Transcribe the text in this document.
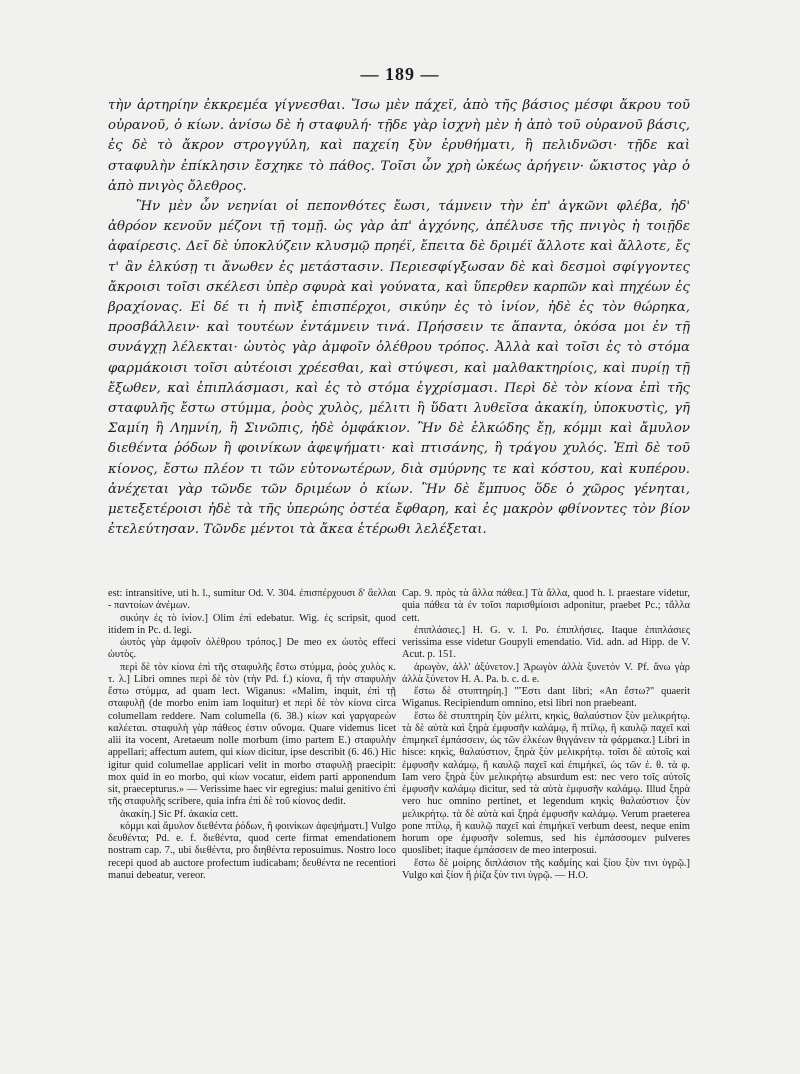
— 189 —

τὴν ἀρτηρίην ἐκκρεμέα γίγνεσθαι. Ἴσω μὲν πάχεϊ, ἀπὸ τῆς βάσιος μέσφι ἄκρου τοῦ οὐρανοῦ, ὁ κίων. ἀνίσω δὲ ἡ σταφυλή· τῇδε γὰρ ἰσχνὴ μὲν ἡ ἀπὸ τοῦ οὐρανοῦ βάσις, ἐς δὲ τὸ ἄκρον στρογγύλη, καὶ παχείη ξὺν ἐρυθήματι, ἢ πελιδνῶσι· τῇδε καὶ σταφυλὴν ἐπίκλησιν ἔσχηκε τὸ πάθος. Τοῖσι ὧν χρὴ ὠκέως ἀρήγειν· ὤκιστος γὰρ ὁ ἀπὸ πνιγὸς ὄλεθρος.

Ἢν μὲν ὧν νεηνίαι οἱ πεπονθότες ἔωσι, τάμνειν τὴν ἐπ' ἀγκῶνι φλέβα, ἠδ' ἀθρόον κενοῦν μέζονι τῇ τομῇ. ὡς γὰρ ἀπ' ἀγχόνης, ἀπέλυσε τῆς πνιγὸς ἡ τοιῇδε ἀφαίρεσις. Δεῖ δὲ ὑποκλύζειν κλυσμῷ πρηέϊ, ἔπειτα δὲ δριμέϊ ἄλλοτε καὶ ἄλλοτε, ἔς τ' ἂν ἑλκύσῃ τι ἄνωθεν ἐς μετάστασιν. Περιεσφίγξωσαν δὲ καὶ δεσμοὶ σφίγγοντες ἄκροισι τοῖσι σκέλεσι ὑπὲρ σφυρὰ καὶ γούνατα, καὶ ὕπερθεν καρπῶν καὶ πηχέων ἐς βραχίονας. Εἰ δέ τι ἡ πνὶξ ἐπισπέρχοι, σικύην ἐς τὸ ἰνίον, ἠδὲ ἐς τὸν θώρηκα, προσβάλλειν· καὶ τουτέων ἐντάμνειν τινά. Πρήσσειν τε ἅπαντα, ὁκόσα μοι ἐν τῇ συνάγχῃ λέλεκται· ὠυτὸς γὰρ ἀμφοῖν ὀλέθρου τρόπος. Ἀλλὰ καὶ τοῖσι ἐς τὸ στόμα φαρμάκοισι τοῖσι αὐτέοισι χρέεσθαι, καὶ στύψεσι, καὶ μαλθακτηρίοις, καὶ πυρίῃ τῇ ἔξωθεν, καὶ ἐπιπλάσμασι, καὶ ἐς τὸ στόμα ἐγχρίσμασι. Περὶ δὲ τὸν κίονα ἐπὶ τῆς σταφυλῆς ἔστω στύμμα, ῥοὸς χυλὸς, μέλιτι ἢ ὕδατι λυθεῖσα ἀκακίη, ὑποκυστὶς, γῆ Σαμίη ἢ Λημνίη, ἢ Σινῶπις, ἠδὲ ὀμφάκιον. Ἢν δὲ ἑλκώδης ἔῃ, κόμμι καὶ ἄμυλον διεθέντα ῥόδων ἢ φοινίκων ἀφεψήματι· καὶ πτισάνης, ἢ τράγου χυλός. Ἐπὶ δὲ τοῦ κίονος, ἔστω πλέον τι τῶν εὐτονωτέρων, διὰ σμύρνης τε καὶ κόστου, καὶ κυπέρου. ἀνέχεται γὰρ τῶνδε τῶν δριμέων ὁ κίων. Ἢν δὲ ἔμπυος ὅδε ὁ χῶρος γένηται, μετεξετέροισι ἠδὲ τὰ τῆς ὑπερώης ὀστέα ἔφθαρη, καὶ ἐς μακρὸν φθίνοντες τὸν βίον ἐτελεύτησαν. Τῶνδε μέντοι τὰ ἄκεα ἑτέρωθι λελέξεται.

est: intransitive, uti h. l., sumitur Od. V. 304. ἐπισπέρχουσι δ' ἄελλαι - παντοίων ἀνέμων.

σικύην ἐς τὸ ἰνίον.] Olim ἐπὶ edebatur. Wig. ἐς scripsit, quod itidem in Pc. d. legi.

ὠυτὸς γὰρ ἀμφοῖν ὀλέθρου τρόπος.] De meo ex ὡυτὸς effeci ὠυτὸς.

περὶ δὲ τὸν κίονα ἐπὶ τῆς σταφυλῆς ἔστω στύμμα, ῥοὸς χυλὸς κ. τ. λ.] Libri omnes περὶ δὲ τὸν (τὴν Pd. f.) κίονα, ἢ τὴν σταφυλὴν ἔστω στύμμα, ad quam lect. Wiganus: «Malim, inquit, ἐπὶ τῇ σταφυλῇ (de morbo enim iam loquitur) et περὶ δὲ τὸν κίονα circa columellam reddere. Nam columella (6. 38.) κίων καὶ γαργαρεὼν καλέεται. σταφυλὴ γὰρ πάθεος ἐστιν οὔνομα. Quare videmus licet alii ita vocent, Aretaeum nolle morbum (imo partem E.) σταφυλὴν appellari; affectum autem, qui κίων dicitur, ipse describit (6. 46.) Hic igitur quid columellae applicari velit in morbo σταφυλῇ praecipit: mox quid in eo morbo, qui κίων vocatur, eidem parti apponendum sit, praecepturus.» — Verissime haec vir egregius: malui genitivo ἐπὶ τῆς σταφυλῆς scribere, quia infra ἐπὶ δὲ τοῦ κίονος dedit.

ἀκακίη.] Sic Pf. ἀκακία cett.

κόμμι καὶ ἄμυλον διεθέντα ῥόδων, ἢ φοινίκων ἀφεψήματι.] Vulgo δευθέντα; Pd. e. f. διεθέντα, quod certe firmat emendationem nostram cap. 7., ubi διεθέντα, pro διηθέντα reposuimus. Nostro loco recepi quod ab auctore profectum iudicabam; δευθέντα ne recentiori manui debeatur, vereor.

Cap. 9. πρὸς τὰ ἄλλα πάθεα.] Τὰ ἄλλα, quod h. l. praestare videtur, quia πάθεα τὰ ἐν τοῖσι παρισθμίοισι adponitur, praebet Pc.; τἄλλα cett.

ἐπιπλάσιες.] H. G. v. l. Po. ἐπιπλήσιες. Itaque ἐπιπλάσιες verissima esse videtur Goupyli emendatio. Vid. adn. ad Hipp. de V. Acut. p. 151.

ἀρωγὸν, ἀλλ' ἀξύνετον.] Ἀρωγὸν ἀλλὰ ξυνετόν V. Pf. ἄνω γὰρ ἀλλὰ ξύνετον H. A. Pa. b. c. d. e.

ἔστω δὲ στυπτηρίη.] "Ἔστι dant libri; «An ἔστω?" quaerit Wiganus. Recipiendum omnino, etsi libri non praebeant.

ἔστω δὲ στυπτηρίη ξὺν μέλιτι, κηκὶς, θαλαύστιον ξὺν μελικρήτῳ. τὰ δὲ αὐτὰ καὶ ξηρὰ ἐμφυσῆν καλάμῳ, ἢ πτίλῳ, ἢ καυλῷ παχεῖ καὶ ἐπιμηκεῖ ἐμπάσσειν, ὡς τῶν ἑλκέων θιγγάνειν τὰ φάρμακα.] Libri in hisce: κηκὶς, θαλαύστιον, ξηρὰ ξὺν μελικρήτῳ. τοῖσι δὲ αὐτοῖς καὶ ἐμφυσῆν καλάμῳ, ἢ καυλῷ παχεῖ καὶ ἐπιμήκεϊ, ὡς τῶν ἑ. θ. τὰ φ. Iam vero ξηρὰ ξὺν μελικρήτῳ absurdum est: nec vero τοῖς αὐτοῖς ἐμφυσῆν καλάμῳ dicitur, sed τὰ αὐτὰ ἐμφυσῆν καλάμῳ. Illud ξηρὰ vero huc omnino pertinet, et legendum κηκὶς θαλαύστιον ξὺν μελικρήτῳ. τὰ δὲ αὐτὰ καὶ ξηρὰ ἐμφυσῆν καλάμῳ. Verum praeterea pone πτίλῳ, ἢ καυλῷ παχεῖ καὶ ἐπιμήκεϊ verbum deest, neque enim horum ope ἐμφυσῆν solemus, sed his ἐμπάσσομεν pulveres quoslibet; itaque ἐμπάσσειν de meo interposui.

ἔστω δὲ μοίρης διπλάσιον τῆς καδμίης καὶ ξίου ξὺν τινι ὑγρῷ.] Vulgo καὶ ξίον ἢ ῥίζα ξὺν τινι ὑγρῷ. — H.O.
